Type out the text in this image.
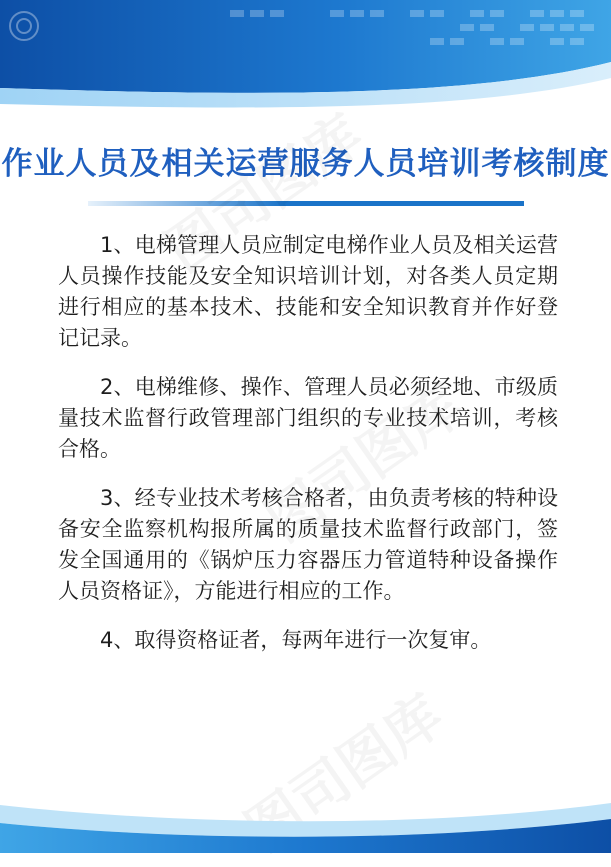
作业人员及相关运营服务人员培训考核制度

1、电梯管理人员应制定电梯作业人员及相关运营人员操作技能及安全知识培训计划，对各类人员定期进行相应的基本技术、技能和安全知识教育并作好登记记录。

2、电梯维修、操作、管理人员必须经地、市级质量技术监督行政管理部门组织的专业技术培训，考核合格。

3、经专业技术考核合格者，由负责考核的特种设备安全监察机构报所属的质量技术监督行政部门，签发全国通用的《锅炉压力容器压力管道特种设备操作人员资格证》，方能进行相应的工作。

4、取得资格证者，每两年进行一次复审。
